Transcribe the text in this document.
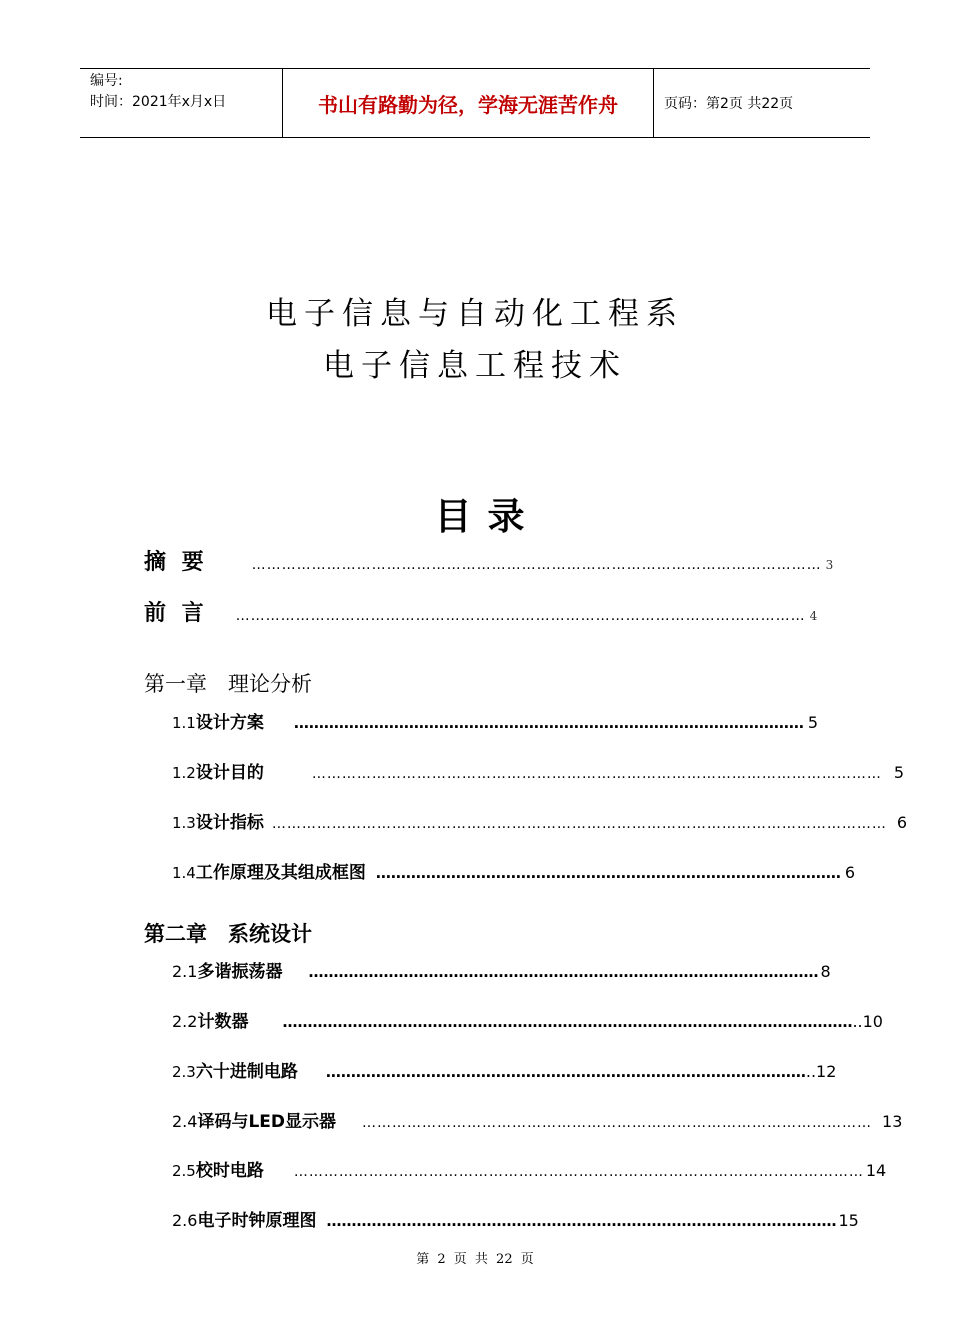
编号:
时间：2021年x月x日	书山有路勤为径，学海无涯苦作舟	页码：第2页 共22页
电子信息与自动化工程系
电子信息工程技术
目录
摘 要	…………………………………………………………………………………………………… 3
前 言 …………………………………………………………………………………………………… 4
第一章　理论分析
1.1 设计方案 ………………………………………………………………………………………… 5
1.2 设计目的	…………………………………………………………………………………………………… 5
1.3 设计指标 …………………………………………………………………………………………………………… 6
1.4 工作原理及其组成框图 ………………………………………………………………………………… 6
第二章　系统设计
2.1 多谐振荡器 ………………………………………………………………………………………… 8
2.2 计数器 …………………………………………………………………………………………………… ..10
2.3 六十进制电路 …………………………………………………………………………………… ..12
2.4 译码与LED显示器 ………………………………………………………………………………………… 13
2.5 校时电路 …………………………………………………………………………………………………… 14
2.6 电子时钟原理图 ………………………………………………………………………………………… 15
第 2 页 共 22 页
